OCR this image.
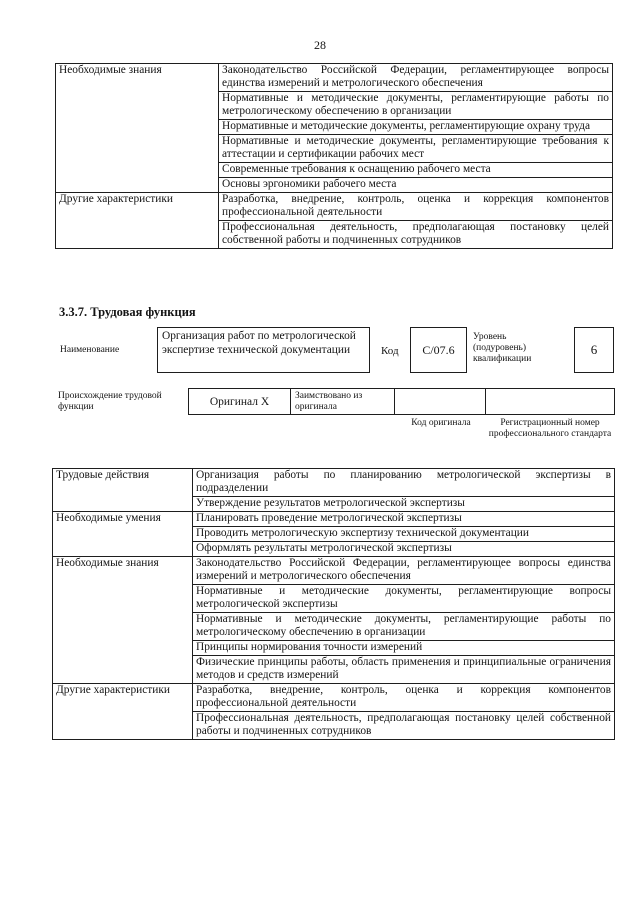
28
Необходимые знания	Законодательство Российской Федерации, регламентирующее вопросы единства измерений и метрологического обеспечения
	Нормативные и методические документы, регламентирующие работы по метрологическому обеспечению в организации
	Нормативные и методические документы, регламентирующие охрану труда
	Нормативные и методические документы, регламентирующие требования к аттестации и сертификации рабочих мест
	Современные требования к оснащению рабочего места
	Основы эргономики рабочего места
Другие характеристики	Разработка, внедрение, контроль, оценка и коррекция компонентов профессиональной деятельности
	Профессиональная деятельность, предполагающая постановку целей собственной работы и подчиненных сотрудников
3.3.7. Трудовая функция
Наименование
Организация работ по метрологической экспертизе технической документации	Код C/07.6
Уровень (подуровень) квалификации
6
Происхождение трудовой функции	Оригинал X	Заимствовано из оригинала
Код оригинала	Регистрационный номер профессионального стандарта
Трудовые действия	Организация работы по планированию метрологической экспертизы в подразделении
	Утверждение результатов метрологической экспертизы
Необходимые умения	Планировать проведение метрологической экспертизы
	Проводить метрологическую экспертизу технической документации
	Оформлять результаты метрологической экспертизы
Необходимые знания	Законодательство Российской Федерации, регламентирующее вопросы единства измерений и метрологического обеспечения
	Нормативные и методические документы, регламентирующие вопросы метрологической экспертизы
	Нормативные и методические документы, регламентирующие работы по метрологическому обеспечению в организации
	Принципы нормирования точности измерений
	Физические принципы работы, область применения и принципиальные ограничения методов и средств измерений
Другие характеристики	Разработка, внедрение, контроль, оценка и коррекция компонентов профессиональной деятельности
	Профессиональная деятельность, предполагающая постановку целей собственной работы и подчиненных сотрудников
